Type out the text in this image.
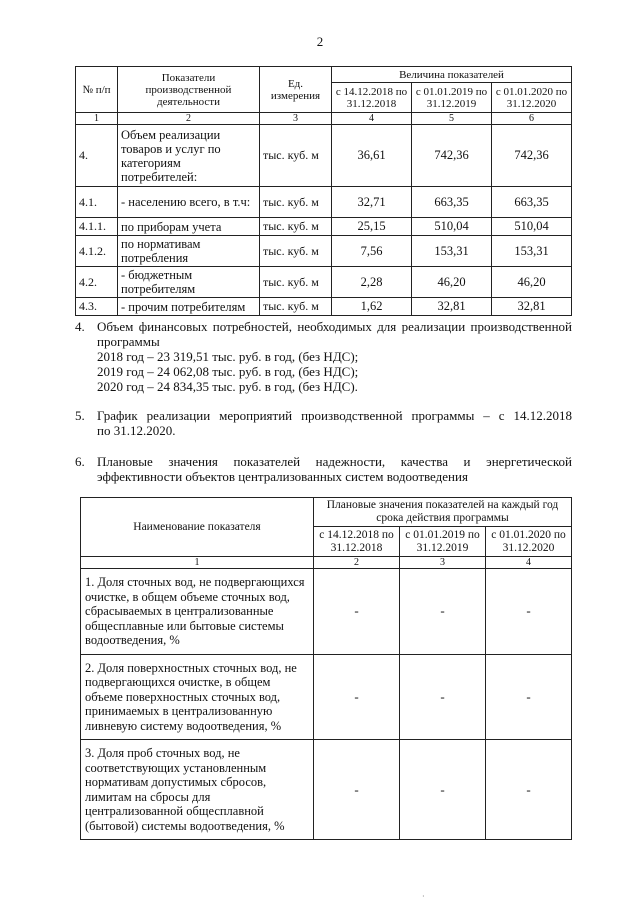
2
№ п/п	Показатели производственной деятельности	Ед. измерения	Величина показателей		
			с 14.12.2018 по 31.12.2018	с 01.01.2019 по 31.12.2019	с 01.01.2020 по 31.12.2020
1	2	3	4	5	6
4.	Объем реализации товаров и услуг по категориям потребителей:	тыс. куб. м	36,61	742,36	742,36
4.1.	- населению всего, в т.ч:	тыс. куб. м	32,71	663,35	663,35
4.1.1.	по приборам учета	тыс. куб. м	25,15	510,04	510,04
4.1.2.	по нормативам потребления	тыс. куб. м	7,56	153,31	153,31
4.2.	- бюджетным потребителям	тыс. куб. м	2,28	46,20	46,20
4.3.	- прочим потребителям	тыс. куб. м	1,62	32,81	32,81
4. Объем финансовых потребностей, необходимых для реализации производственной
программы
2018 год – 23 319,51 тыс. руб. в год, (без НДС);
2019 год – 24 062,08 тыс. руб. в год, (без НДС);
2020 год – 24 834,35 тыс. руб. в год, (без НДС).
5. График реализации мероприятий производственной программы – с 14.12.2018
по 31.12.2020.
6. Плановые значения показателей надежности, качества и энергетической
эффективности объектов централизованных систем водоотведения
Наименование показателя	Плановые значения показателей на каждый год срока действия программы		
	с 14.12.2018 по 31.12.2018	с 01.01.2019 по 31.12.2019	с 01.01.2020 по 31.12.2020
1	2	3	4
1. Доля сточных вод, не подвергающихся очистке, в общем объеме сточных вод, сбрасываемых в централизованные общесплавные или бытовые системы водоотведения, %	-	-	-
2. Доля поверхностных сточных вод, не подвергающихся очистке, в общем объеме поверхностных сточных вод, принимаемых в централизованную ливневую систему водоотведения, %	-	-	-
3. Доля проб сточных вод, не соответствующих установленным нормативам допустимых сбросов, лимитам на сбросы для централизованной общесплавной (бытовой) системы водоотведения, %	-	-	-
·
